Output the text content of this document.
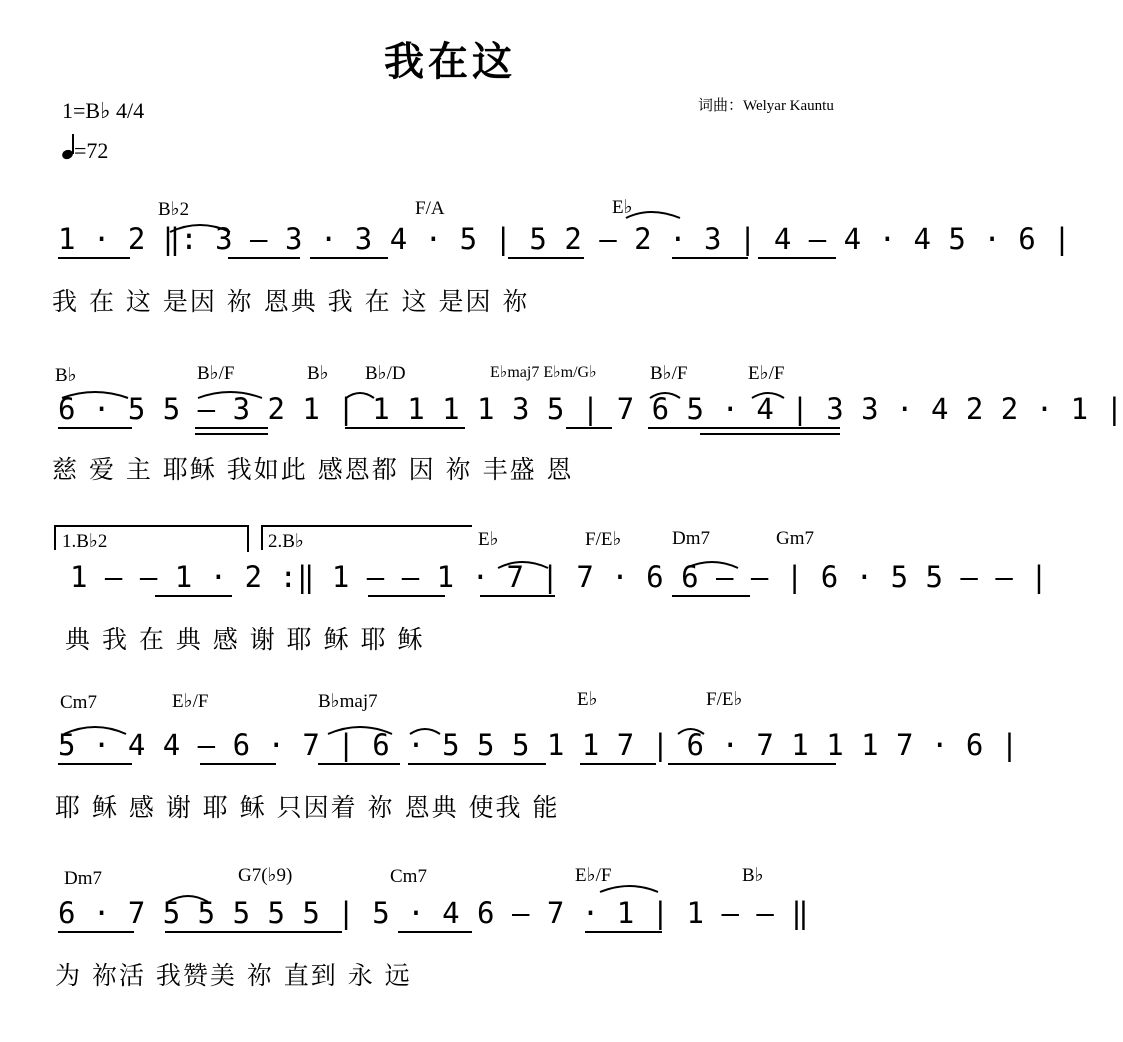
我在这
1=B♭ 4/4
=72
词曲：Welyar Kauntu
B♭2	F/A	E♭
1 · 2 ‖: 3 — 3 · 3 4 · 5 | 5 2 — 2 · 3 | 4 — 4 · 4 5 · 6 |
我 在 这 是因 祢 恩典 我 在 这 是因 祢
B♭	B♭/F	B♭ B♭/D	E♭maj7 E♭m/G♭	B♭/F	E♭/F
6 · 5 5 — 3 2 1 | 1 1 1 1 3 5 | 7 6 5 · 4 | 3 3 · 4 2 2 · 1 |
慈 爱 主 耶稣 我如此 感恩都 因 祢 丰盛 恩
1.B♭2	2.B♭	E♭	F/E♭	Dm7	Gm7
1 — — 1 · 2 :‖ 1 — — 1 · 7 | 7 · 6 6 — — | 6 · 5 5 — — |
典 我 在 典 感 谢 耶 稣 耶 稣
Cm7	E♭/F	B♭maj7	E♭	F/E♭
5 · 4 4 — 6 · 7 | 6 · 5 5 5 1 1 7 | 6 · 7 1 1 1 7 · 6 |
耶 稣 感 谢 耶 稣 只因着 祢 恩典 使我 能
Dm7	G7(♭9)	Cm7	E♭/F	B♭
6 · 7 5 5 5 5 5 | 5 · 4 6 — 7 · 1 | 1 — — ‖
为 祢活 我赞美 祢 直到 永 远
